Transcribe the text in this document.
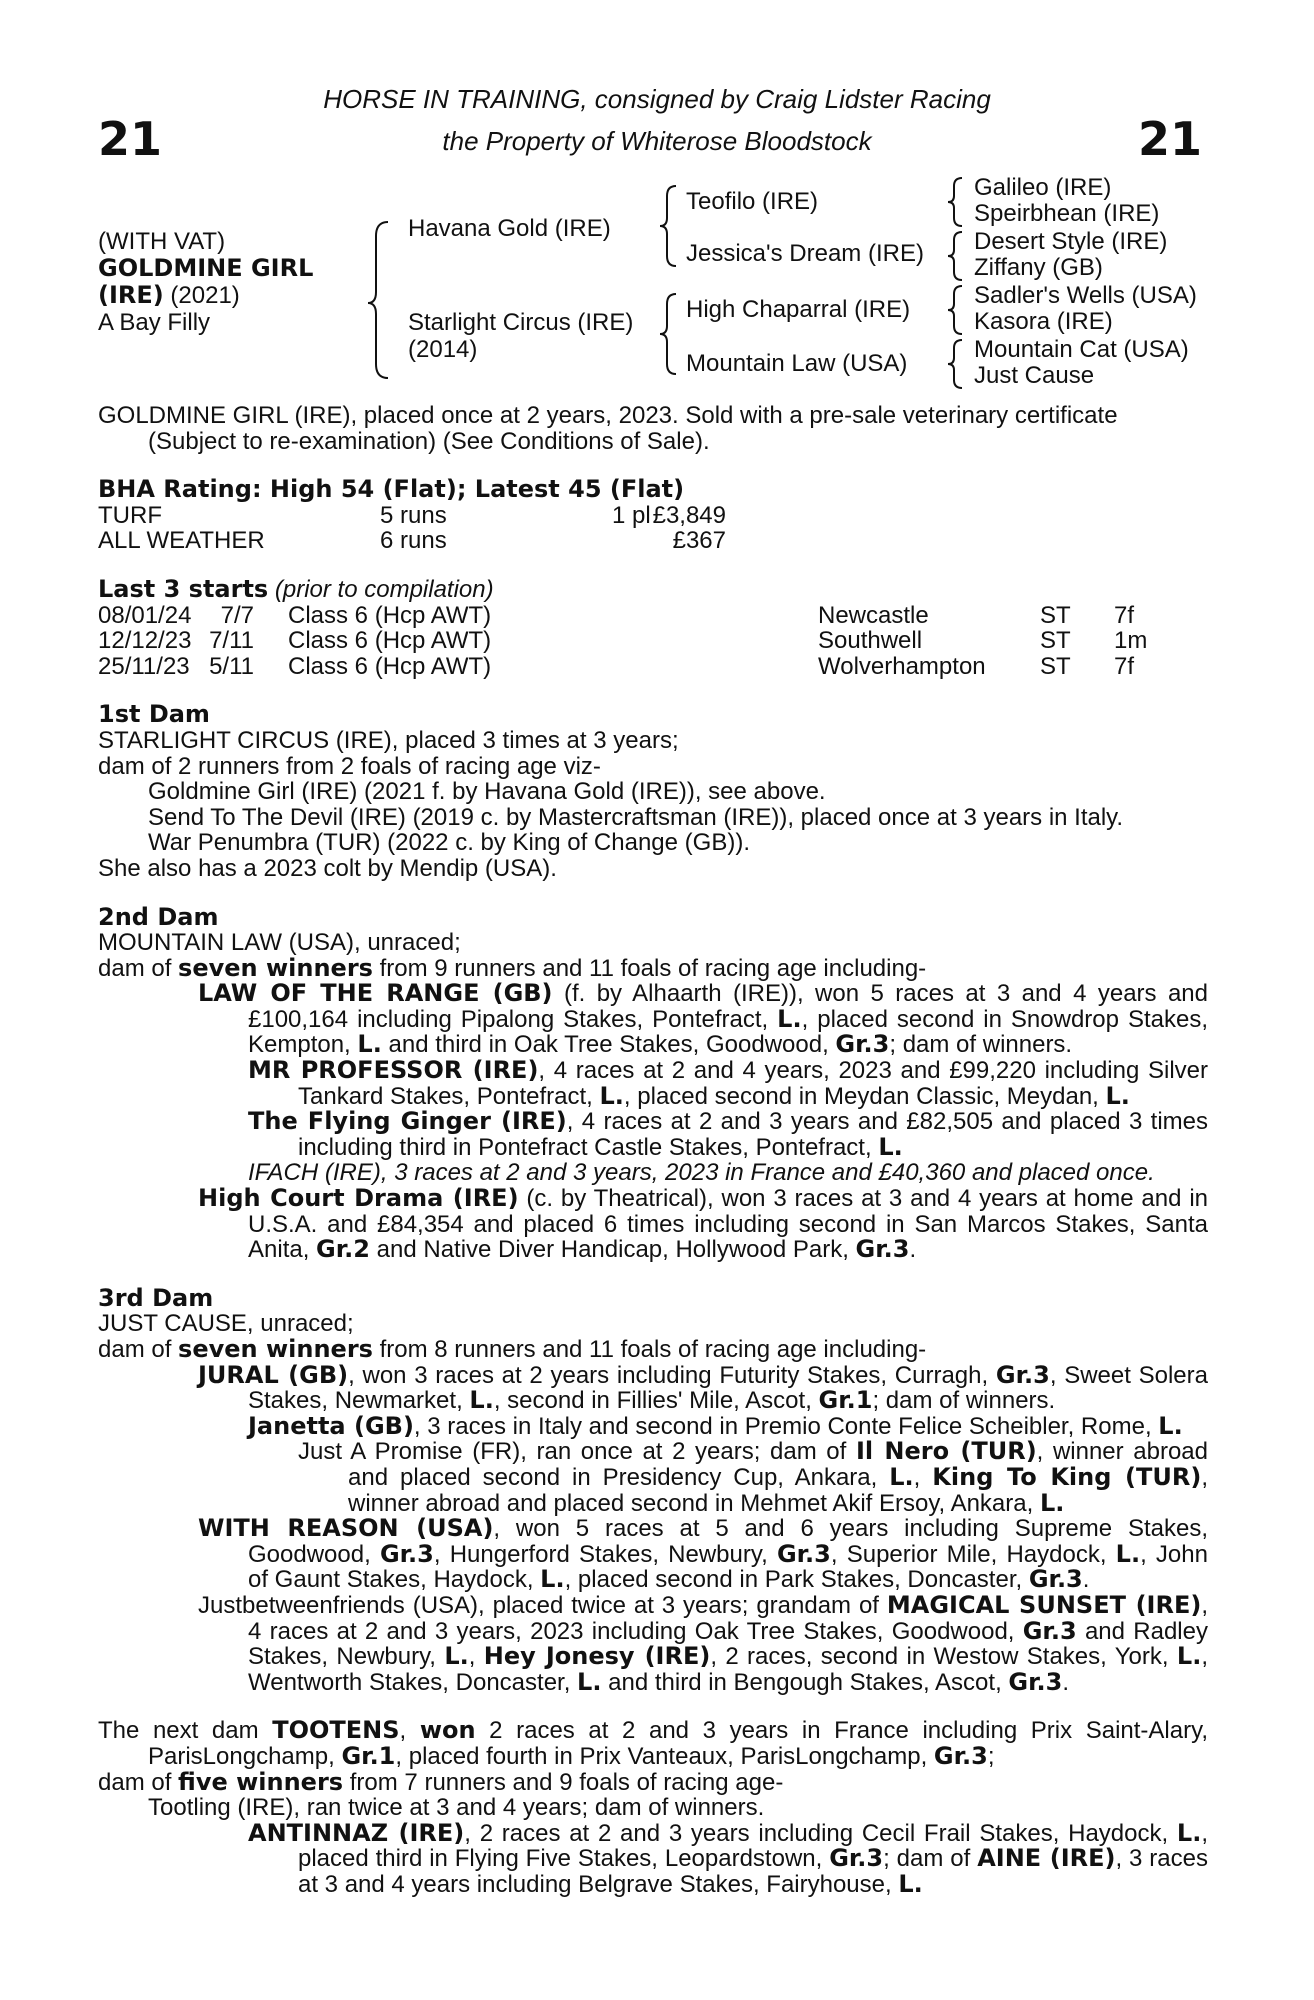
21	21
HORSE IN TRAINING, consigned by Craig Lidster Racing
the Property of Whiterose Bloodstock
(WITH VAT)
GOLDMINE GIRL
(IRE) (2021)
A Bay Filly
Havana Gold (IRE)
Starlight Circus (IRE)
(2014)
Teofilo (IRE)
Jessica's Dream (IRE)
High Chaparral (IRE)
Mountain Law (USA)
Galileo (IRE)
Speirbhean (IRE)
Desert Style (IRE)
Ziffany (GB)
Sadler's Wells (USA)
Kasora (IRE)
Mountain Cat (USA)
Just Cause

GOLDMINE GIRL (IRE), placed once at 2 years, 2023. Sold with a pre-sale veterinary certificate

(Subject to re-examination) (See Conditions of Sale).

BHA Rating: High 54 (Flat); Latest 45 (Flat)

TURF	5 runs	1 pl £3,849
ALL WEATHER	6 runs	£367

Last 3 starts (prior to compilation)

08/01/24 7/7 Class 6 (Hcp AWT)	Newcastle	ST 7f
12/12/23 7/11 Class 6 (Hcp AWT)	Southwell	ST 1m
25/11/23 5/11 Class 6 (Hcp AWT)	Wolverhampton ST 7f

1st Dam

STARLIGHT CIRCUS (IRE), placed 3 times at 3 years;

dam of 2 runners from 2 foals of racing age viz-

Goldmine Girl (IRE) (2021 f. by Havana Gold (IRE)), see above.

Send To The Devil (IRE) (2019 c. by Mastercraftsman (IRE)), placed once at 3 years in Italy.

War Penumbra (TUR) (2022 c. by King of Change (GB)).

She also has a 2023 colt by Mendip (USA).

2nd Dam

MOUNTAIN LAW (USA), unraced;

dam of seven winners from 9 runners and 11 foals of racing age including-

LAW OF THE RANGE (GB) (f. by Alhaarth (IRE)), won 5 races at 3 and 4 years and £100,164 including Pipalong Stakes, Pontefract, L., placed second in Snowdrop Stakes, Kempton, L. and third in Oak Tree Stakes, Goodwood, Gr.3; dam of winners.

MR PROFESSOR (IRE), 4 races at 2 and 4 years, 2023 and £99,220 including Silver Tankard Stakes, Pontefract, L., placed second in Meydan Classic, Meydan, L.

The Flying Ginger (IRE), 4 races at 2 and 3 years and £82,505 and placed 3 times including third in Pontefract Castle Stakes, Pontefract, L.

IFACH (IRE), 3 races at 2 and 3 years, 2023 in France and £40,360 and placed once.

High Court Drama (IRE) (c. by Theatrical), won 3 races at 3 and 4 years at home and in U.S.A. and £84,354 and placed 6 times including second in San Marcos Stakes, Santa Anita, Gr.2 and Native Diver Handicap, Hollywood Park, Gr.3.

3rd Dam

JUST CAUSE, unraced;

dam of seven winners from 8 runners and 11 foals of racing age including-

JURAL (GB), won 3 races at 2 years including Futurity Stakes, Curragh, Gr.3, Sweet Solera Stakes, Newmarket, L., second in Fillies' Mile, Ascot, Gr.1; dam of winners.

Janetta (GB), 3 races in Italy and second in Premio Conte Felice Scheibler, Rome, L.

Just A Promise (FR), ran once at 2 years; dam of Il Nero (TUR), winner abroad and placed second in Presidency Cup, Ankara, L., King To King (TUR), winner abroad and placed second in Mehmet Akif Ersoy, Ankara, L.

WITH REASON (USA), won 5 races at 5 and 6 years including Supreme Stakes, Goodwood, Gr.3, Hungerford Stakes, Newbury, Gr.3, Superior Mile, Haydock, L., John of Gaunt Stakes, Haydock, L., placed second in Park Stakes, Doncaster, Gr.3.

Justbetweenfriends (USA), placed twice at 3 years; grandam of MAGICAL SUNSET (IRE), 4 races at 2 and 3 years, 2023 including Oak Tree Stakes, Goodwood, Gr.3 and Radley Stakes, Newbury, L., Hey Jonesy (IRE), 2 races, second in Westow Stakes, York, L., Wentworth Stakes, Doncaster, L. and third in Bengough Stakes, Ascot, Gr.3.

The next dam TOOTENS, won 2 races at 2 and 3 years in France including Prix Saint-Alary, ParisLongchamp, Gr.1, placed fourth in Prix Vanteaux, ParisLongchamp, Gr.3;

dam of five winners from 7 runners and 9 foals of racing age-

Tootling (IRE), ran twice at 3 and 4 years; dam of winners.

ANTINNAZ (IRE), 2 races at 2 and 3 years including Cecil Frail Stakes, Haydock, L., placed third in Flying Five Stakes, Leopardstown, Gr.3; dam of AINE (IRE), 3 races at 3 and 4 years including Belgrave Stakes, Fairyhouse, L.
